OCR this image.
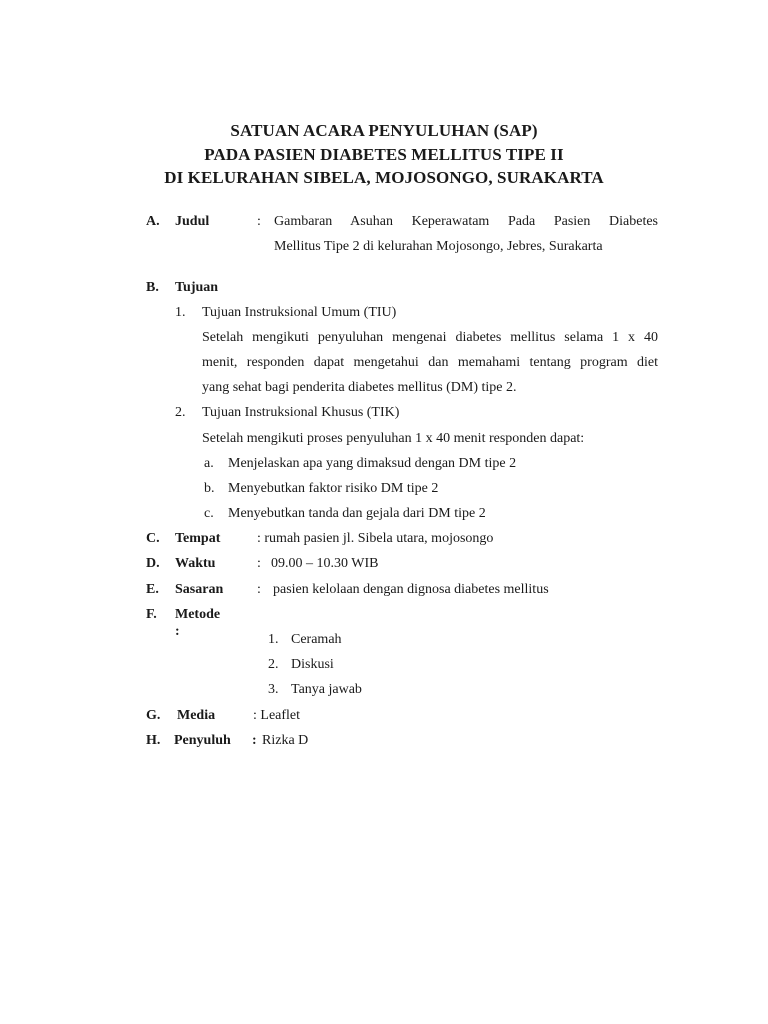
SATUAN ACARA PENYULUHAN (SAP)
PADA PASIEN DIABETES MELLITUS TIPE II
DI KELURAHAN SIBELA, MOJOSONGO, SURAKARTA
A. Judul	: Gambaran Asuhan Keperawatam Pada Pasien Diabetes
Mellitus Tipe 2 di kelurahan Mojosongo, Jebres, Surakarta
B. Tujuan
1. Tujuan Instruksional Umum (TIU)
Setelah mengikuti penyuluhan mengenai diabetes mellitus selama 1 x 40
menit, responden dapat mengetahui dan memahami tentang program diet
yang sehat bagi penderita diabetes mellitus (DM) tipe 2.
2. Tujuan Instruksional Khusus (TIK)
Setelah mengikuti proses penyuluhan 1 x 40 menit responden dapat:
a. Menjelaskan apa yang dimaksud dengan DM tipe 2
b. Menyebutkan faktor risiko DM tipe 2
c. Menyebutkan tanda dan gejala dari DM tipe 2
C. Tempat	: rumah pasien jl. Sibela utara, mojosongo
D. Waktu	: 09.00 – 10.30 WIB
E. Sasaran : pasien kelolaan dengan dignosa diabetes mellitus
F. Metode
:
1. Ceramah
2. Diskusi
3. Tanya jawab
G. Media	: Leaflet
H. Penyuluh : Rizka D
